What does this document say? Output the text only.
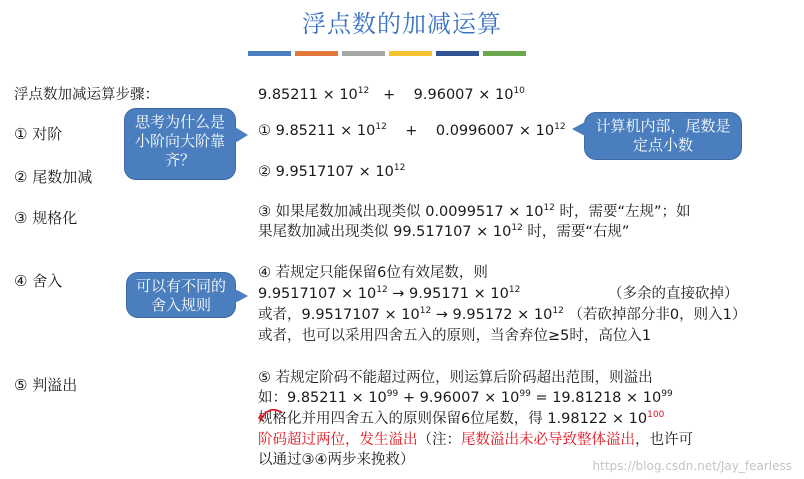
浮点数的加减运算
浮点数加减运算步骤：	$9.85211 \times 10^{12} + 9.96007 \times 10^{10}$
① 对阶
② 尾数加减
③ 规格化
④ 舍入
⑤ 判溢出
思考为什么是小阶向大阶靠齐？
计算机内部，尾数是定点小数
可以有不同的舍入规则
① $9.85211 \times 10^{12} + 0.0996007 \times 10^{12}$
② $9.9517107 \times 10^{12}$
③ 如果尾数加减出现类似 $0.0099517 \times 10^{12}$ 时，需要“左规”；如
果尾数加减出现类似 $99.517107 \times 10^{12}$ 时，需要“右规”
④ 若规定只能保留6位有效尾数，则
$9.9517107 \times 10^{12} \to 9.95171 \times 10^{12}$	（多余的直接砍掉）
或者，$9.9517107 \times 10^{12} \to 9.95172 \times 10^{12}$ （若砍掉部分非0，则入1）
或者，也可以采用四舍五入的原则，当舍弃位≥5时，高位入1
⑤ 若规定阶码不能超过两位，则运算后阶码超出范围，则溢出
如：$9.85211 \times 10^{99} + 9.96007 \times 10^{99} = 19.81218 \times 10^{99}$
规格化并用四舍五入的原则保留6位尾数，得 $1.98122 \times 10^{100}$
阶码超过两位，发生溢出（注：尾数溢出未必导致整体溢出，也许可
以通过③④两步来挽救）	https://blog.csdn.net/Jay_fearless
